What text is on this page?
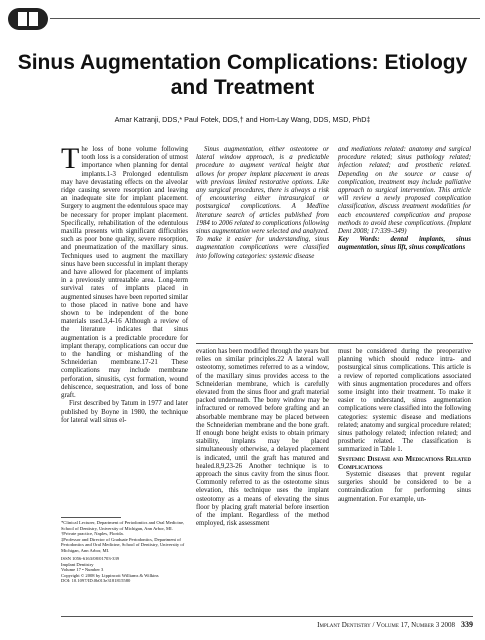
Sinus Augmentation Complications: Etiology and Treatment
Amar Katranji, DDS,* Paul Fotek, DDS,† and Hom-Lay Wang, DDS, MSD, PhD‡

The loss of bone volume following tooth loss is a consideration of utmost importance when planning for dental implants.1-3 Prolonged edentulism may have devastating effects on the alveolar ridge causing severe resorption and leaving an inadequate site for implant placement. Surgery to augment the edentulous space may be necessary for proper implant placement. Specifically, rehabilitation of the edentulous maxilla presents with significant difficulties such as poor bone quality, severe resorption, and pneumatization of the maxillary sinus. Techniques used to augment the maxillary sinus have been successful in implant therapy and have allowed for placement of implants in a previously untreatable area. Long-term survival rates of implants placed in augmented sinuses have been reported similar to those placed in native bone and have shown to be independent of the bone materials used.3,4-16 Although a review of the literature indicates that sinus augmentation is a predictable procedure for implant therapy, complications can occur due to the handling or mishandling of the Schneiderian membrane.17-21 These complications may include membrane perforation, sinusitis, cyst formation, wound dehiscence, sequestration, and loss of bone graft.

First described by Tatum in 1977 and later published by Boyne in 1980, the technique for lateral wall sinus el-

Sinus augmentation, either osteotome or lateral window approach, is a predictable procedure to augment vertical height that allows for proper implant placement in areas with previous limited restorative options. Like any surgical procedures, there is always a risk of encountering either intrasurgical or postsurgical complications. A Medline literature search of articles published from 1984 to 2006 related to complications following sinus augmentation were selected and analyzed. To make it easier for understanding, sinus augmentation complications were classified into following categories: systemic disease

and mediations related: anatomy and surgical procedure related; sinus pathology related; infection related; and prosthetic related. Depending on the source or cause of complication, treatment may include palliative approach to surgical intervention. This article will review a newly proposed complication classification, discuss treatment modalities for each encountered complication and propose methods to avoid these complications. (Implant Dent 2008; 17:339–349)

Key Words: dental implants, sinus augmentation, sinus lift, sinus complications

evation has been modified through the years but relies on similar principles.22 A lateral wall osteotomy, sometimes referred to as a window, of the maxillary sinus provides access to the Schneiderian membrane, which is carefully elevated from the sinus floor and graft material packed underneath. The bony window may be infractured or removed before grafting and an absorbable membrane may be placed between the Schneiderian membrane and the bone graft. If enough bone height exists to obtain primary stability, implants may be placed simultaneously otherwise, a delayed placement is indicated, until the graft has matured and healed.8,9,23-26 Another technique is to approach the sinus cavity from the sinus floor. Commonly referred to as the osteotome sinus elevation, this technique uses the implant osteotomy as a means of elevating the sinus floor by placing graft material before insertion of the implant. Regardless of the method employed, risk assessment

must be considered during the preoperative planning which should reduce intra- and postsurgical sinus complications. This article is a review of reported complications associated with sinus augmentation procedures and offers some insight into their treatment. To make it easier to understand, sinus augmentation complications were classified into the following categories: systemic disease and mediations related; anatomy and surgical procedure related; sinus pathology related; infection related; and prosthetic related. The classification is summarized in Table 1.

Systemic Disease and Medications Related Complications

Systemic diseases that prevent regular surgeries should be considered to be a contraindication for performing sinus augmentation. For example, un-

*Clinical Lecturer, Department of Periodontics and Oral Medicine, School of Dentistry, University of Michigan, Ann Arbor, MI.

†Private practice, Naples, Florida.

‡Professor and Director of Graduate Periodontics, Department of Periodontics and Oral Medicine, School of Dentistry, University of Michigan, Ann Arbor, MI.

ISSN 1056-6163/08/01703-339
Implant Dentistry
Volume 17 • Number 3
Copyright © 2008 by Lippincott Williams & Wilkins
DOI: 10.1097/ID.0b013e3181815580
Implant Dentistry / Volume 17, Number 3 2008 339
